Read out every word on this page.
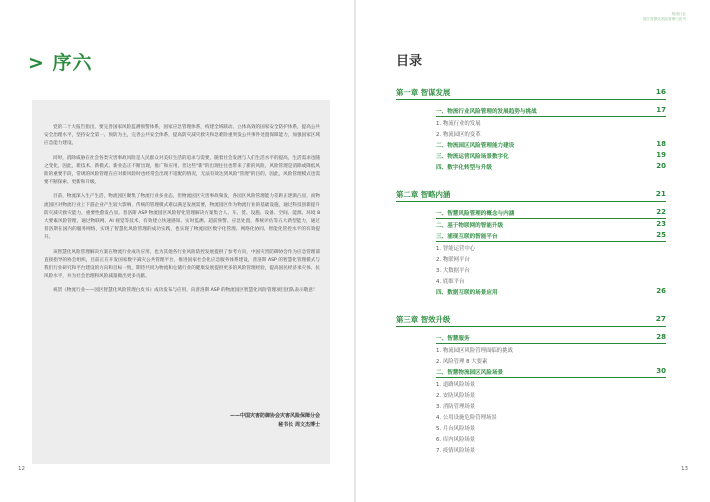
> 序六

党的二十大报告指出，要完善国家风险监测预警体系，国家应急管理体系，构建全域联动、立体高效的国家安全防护体系，提高公共安全治理水平，坚持安全第一、预防为主，完善公共安全体系，提高防灾减灾救灾和急难险重突发公共事件处置保障能力，加强国家区域应急能力建设。

同时，消除威胁在社会各类灾害事故风险是人民群众对美好生活的追求与需要，随着社会发展与人们生活水平的提高，生活需求也随之变化，因此，新技术、新模式、新业态正不断出现，推广和应用，但这些"新"的出现往往也带来了新的风险，风险管理是消除或降低风险的重要手段，常规的风险管理在应对新风险时也经常会出现不适配的情况，无法有效达到风险"管理"的目的，因此，风险管理模式也需要不断探索、更新和升级。

目前，物流深入生产生活，物流园区聚集了物流行业多业态，但物流园区灾害事故频发，各园区风险管理能力差距正逐渐凸显，而物流园区对物流行业上下游企业产生较大影响，传统的管理模式难以满足发展需要，物流园区作为物流行业的基础设施，通过科技创新提升防灾减灾救灾能力，重要性愈发凸显。普洛斯 ASP 物流园区风险智化管理解决方案集合人、车、货、设施、设备、空间、能源、环境 8 大要素风险管理，通过物联网、AI 视觉等技术，有效建立快速感知、实时监测、超前预警、应急处置、系统评估等五大新型能力，通过普洛斯在国内的服务网络，实现了智慧化风险管理的成功实践，也实现了物流园区数字化管理、网络化协同、智能化管控水平的有效提升。

该智慧化风险管理解决方案在物流行业成功应用，也为其他各行业风险防控发展提供了参考方向，中国灾害防御协会作为应急管理部直接指导的协会组织，目前正在开发国家数字减灾公共管理平台，推进国家社会化应急服务体系建设，普洛斯 ASP 的智慧化管理模式与我们行业研究和平台建设的方向和目标一致，期待共同为物流和仓储行业的健康发展提供更多的风险管理经验，提高国民经济承灾体、抗风险水平，并为社会治理和风险减量做出更多贡献。

祝贺《物流行业——园区智慧化风险管理白皮书》成功发布与应用，向普洛斯 ASP 的物流园区智慧化风险管理项目团队表示敬意！

——中国灾害防御协会灾害风险保障分会
秘书长 周文杰博士
12
物流行业
园区智慧化风险管理白皮书
目录
第一章 智谋发展	16
一、物流行业风险管理的发展趋势与挑战	17
1. 物流行业的发展
2. 物流园区的变革
二、物流园区风险管理能力建设	18
三、物流运营风险场景数字化	19
四、数字化转型与升级	20
第二章 智略内涵	21
一、智慧风险管理的概念与内涵	22
二、基于物联网的智能升级	23
三、浦现互联的智能平台	25
1. 智能运营中心
2. 物联网平台
3. 大数据平台
4. 底维平台
四、数据互联的场景应用	26
第三章 智效升级	27
一、智慧服务	28
1. 物流园区风险管理面临的挑战
2. 风险管理 8 大要素
二、智慧物流园区风险场景	30
1. 道路风险场景
2. 安防风险场景
3. 消防管理场景
4. 公用设施危险管理场景
5. 月台风险场景
6. 库内风险场景
7. 疫情风险场景
13
